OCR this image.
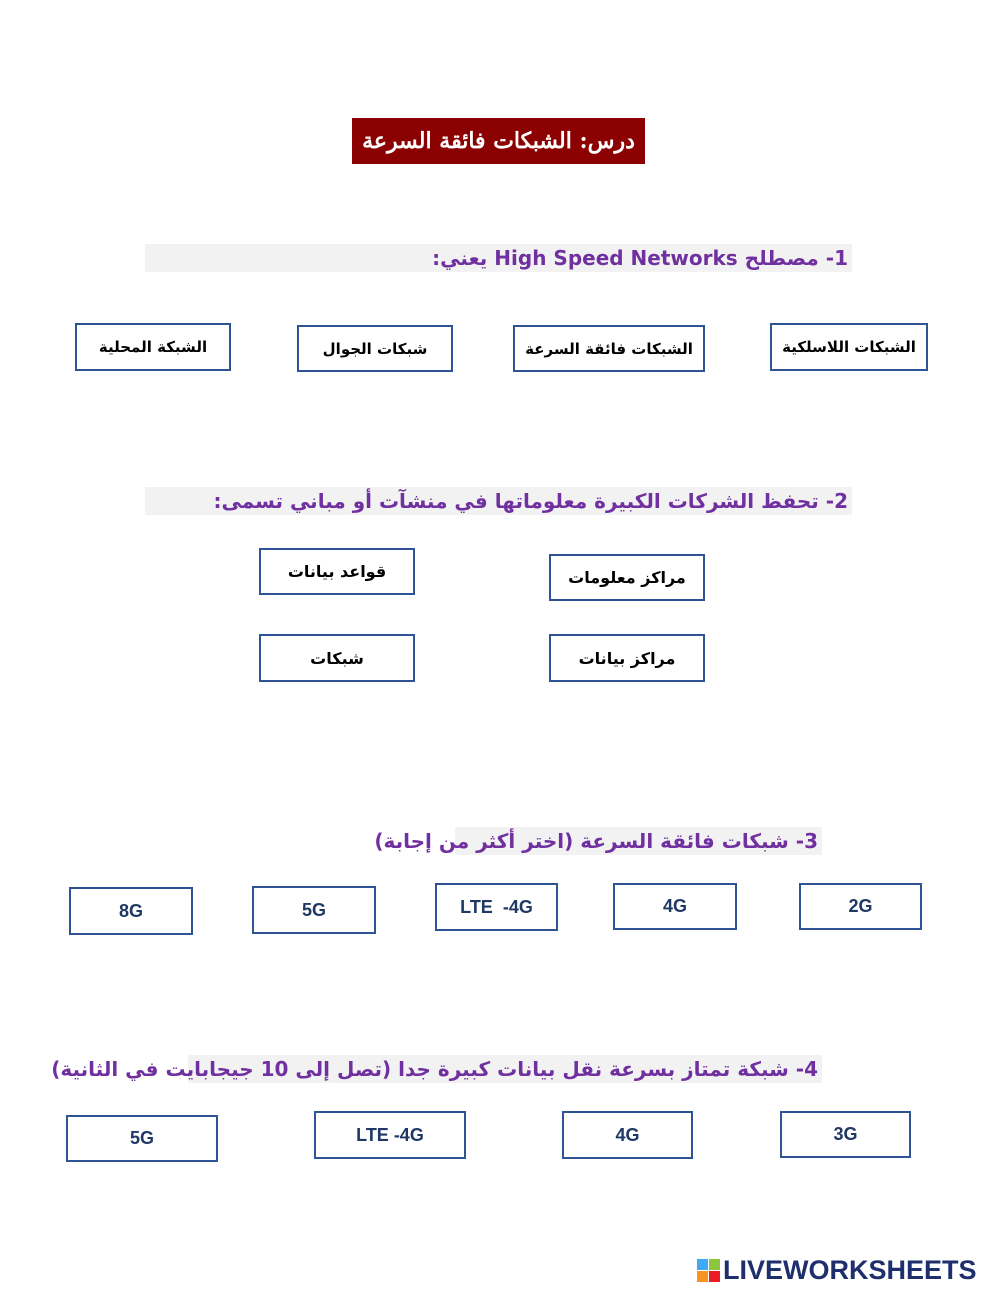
درس: الشبكات فائقة السرعة
1- مصطلح High Speed Networks يعني:
الشبكة المحلية	شبكات الجوال	الشبكات فائقة السرعة	الشبكات اللاسلكية
2- تحفظ الشركات الكبيرة معلوماتها في منشآت أو مباني تسمى:
قواعد بيانات	مراكز معلومات
شبكات	مراكز بيانات
3- شبكات فائقة السرعة (اختر أكثر من إجابة)
8G	5G	LTE  -4G	4G	2G
4- شبكة تمتاز بسرعة نقل بيانات كبيرة جدا (تصل إلى 10 جيجابايت في الثانية)
5G	LTE -4G	4G	3G
LIVEWORKSHEETS
